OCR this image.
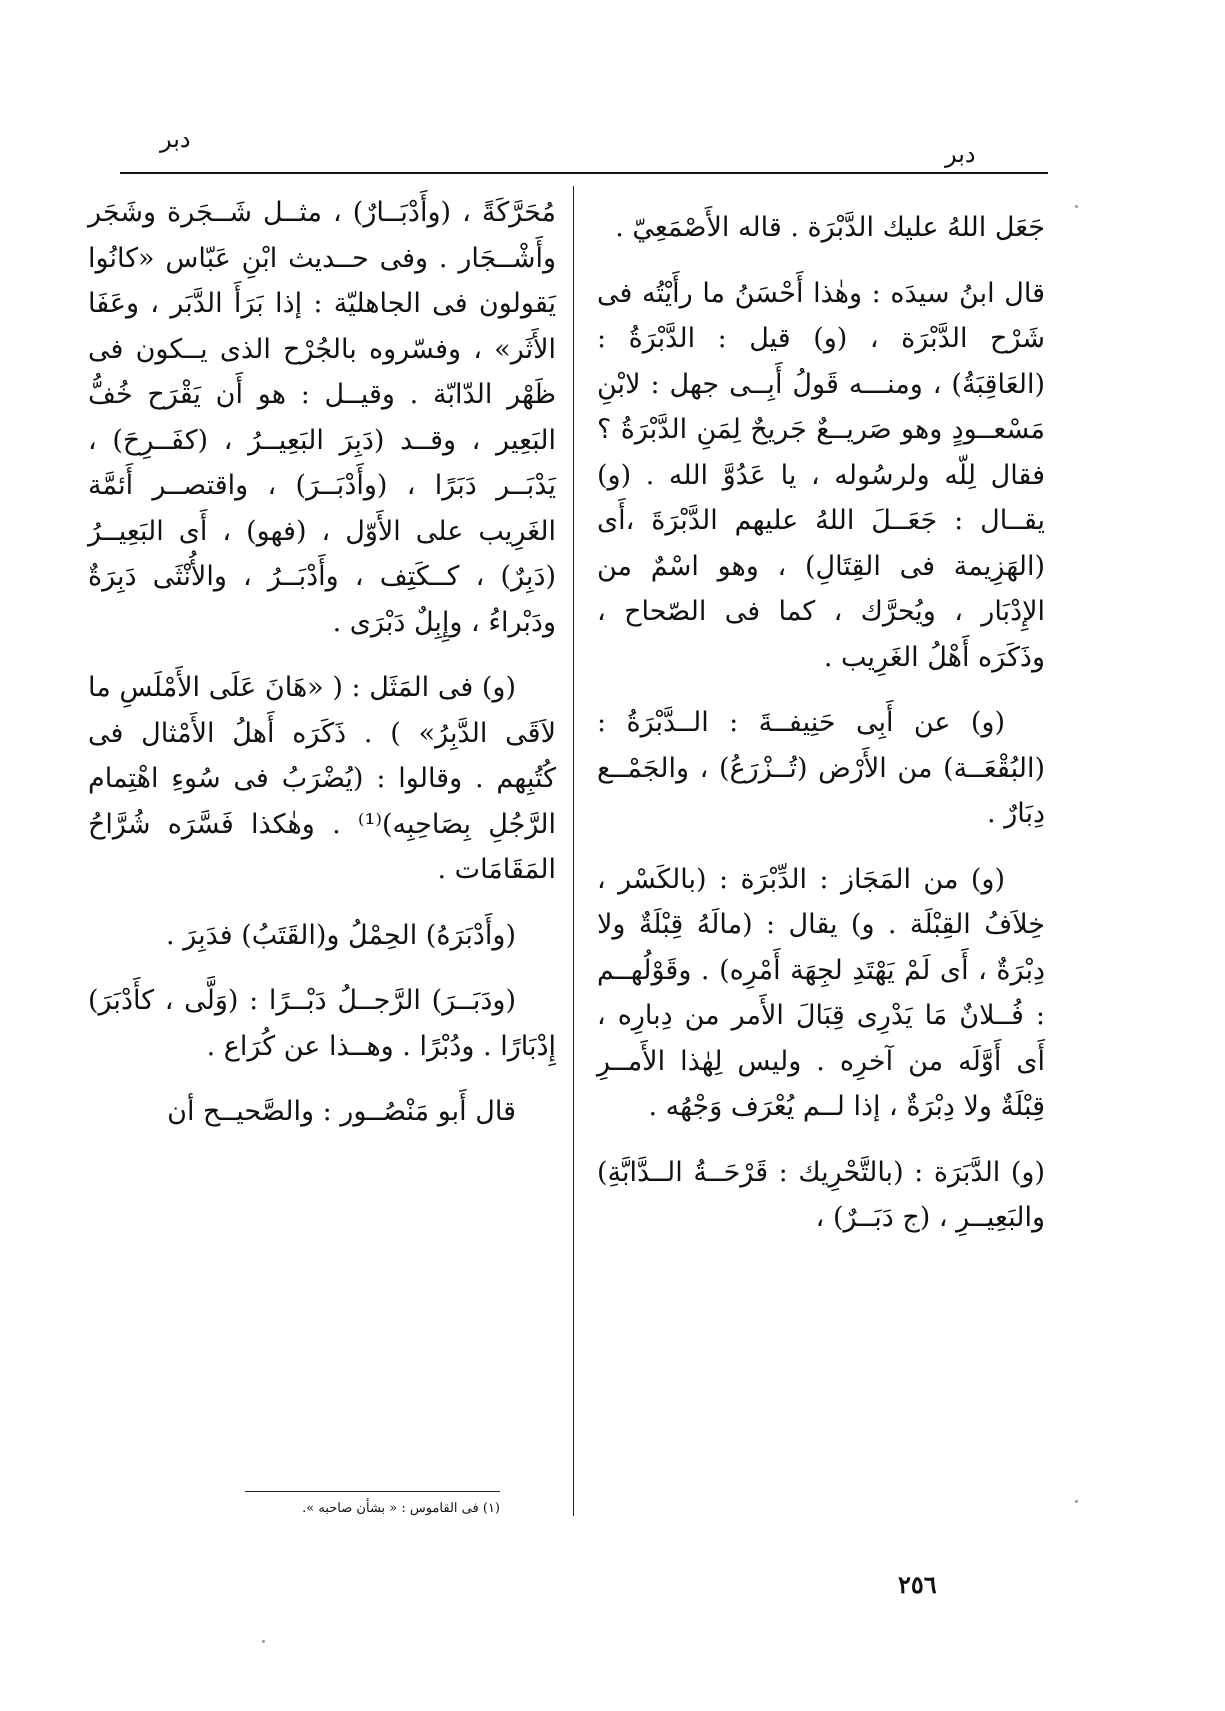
دبر
دبر

جَعَل اللهُ عليك الدَّبْرَة . قاله الأَصْمَعِيّ .

قال ابنُ سيدَه : وهٰذا أَحْسَنُ ما رأَيْتُه فى شَرْح الدَّبْرَة ، (و) قيل : الدَّبْرَةُ : (العَاقِبَةُ) ، ومنـــه قَولُ أَبِــى جهل : لابْنِ مَسْعــودٍ وهو صَريــعٌ جَريحٌ لِمَنِ الدَّبْرَةُ ؟ فقال لِلّه ولرسُوله ، يا عَدُوَّ الله . (و) يقــال : جَعَــلَ اللهُ عليهم الدَّبْرَةَ ،أَى (الهَزِيمة فى القِتَالِ) ، وهو اسْمٌ من الإِدْبَار ، ويُحرَّك ، كما فى الصّحاح ، وذَكَرَه أَهْلُ الغَرِيب .

(و) عن أَبِى حَنِيفــةَ : الــدَّبْرَةُ : (البُقْعَــة) من الأَرْض (تُــزْرَعُ) ، والجَمْــع دِبَارٌ .

(و) من المَجَاز : الدِّبْرَة : (بالكَسْر ، خِلاَفُ القِبْلَة . و) يقال : (مالَهُ قِبْلَةٌ ولا دِبْرَةٌ ، أَى لَمْ يَهْتَدِ لجِهَة أَمْرِه) . وقَوْلُهــم : فُــلانٌ مَا يَدْرِى قِبَالَ الأَمر من دِبارِه ، أَى أَوَّلَه من آخرِه . وليس لِهٰذا الأَمــرِ قِبْلَةٌ ولا دِبْرَةٌ ، إذا لــم يُعْرَف وَجْهُه .

(و) الدَّبَرَة : (بالتَّحْرِيك : قَرْحَــةُ الــدَّابَّةِ) والبَعِيــرِ ، (ج دَبَــرٌ) ،

مُحَرَّكَةً ، (وأَدْبَــارٌ) ، مثــل شَــجَرة وشَجَر وأَشْــجَار . وفى حــديث ابْنِ عَبّاس «كانُوا يَقولون فى الجاهليّة : إذا بَرَأَ الدَّبَر ، وعَفَا الأَثَر» ، وفسّروه بالجُرْح الذى يــكون فى ظَهْر الدّابّة . وقيــل : هو أَن يَقْرَح خُفُّ البَعِير ، وقــد (دَبِرَ البَعِيــرُ ، (كفَــرِحَ) ، يَدْبَــر دَبَرًا ، (وأَدْبَــرَ) ، واقتصــر أَئمَّة الغَرِيب على الأَوّل ، (فهو) ، أَى البَعِيــرُ (دَبِرٌ) ، كــكَتِف ، وأَدْبَــرُ ، والأُنْثَى دَبِرَةٌ ودَبْراءُ ، وإِبِلٌ دَبْرَى .

(و) فى المَثَل : ( «هَانَ عَلَى الأَمْلَسِ ما لاَقَى الدَّبِرُ» ) . ذَكَرَه أَهلُ الأَمْثال فى كُتُبِهم . وقالوا : (يُضْرَبُ فى سُوءِ اهْتِمام الرَّجُلِ بِصَاحِبِه)⁽¹⁾ . وهٰكذا فَسَّرَه شُرَّاحُ المَقَامَات .

(وأَدْبَرَهُ) الحِمْلُ و(القَتَبُ) فدَبِرَ .

(ودَبَــرَ) الرَّجــلُ دَبْــرًا : (وَلَّى ، كأَدْبَرَ) إِدْبَارًا . ودُبْرًا . وهــذا عن كُرَاع .

قال أَبو مَنْصُــور : والصَّحيــح أن

(١) فى القاموس : « بشأن صاحبه ».
٢٥٦
